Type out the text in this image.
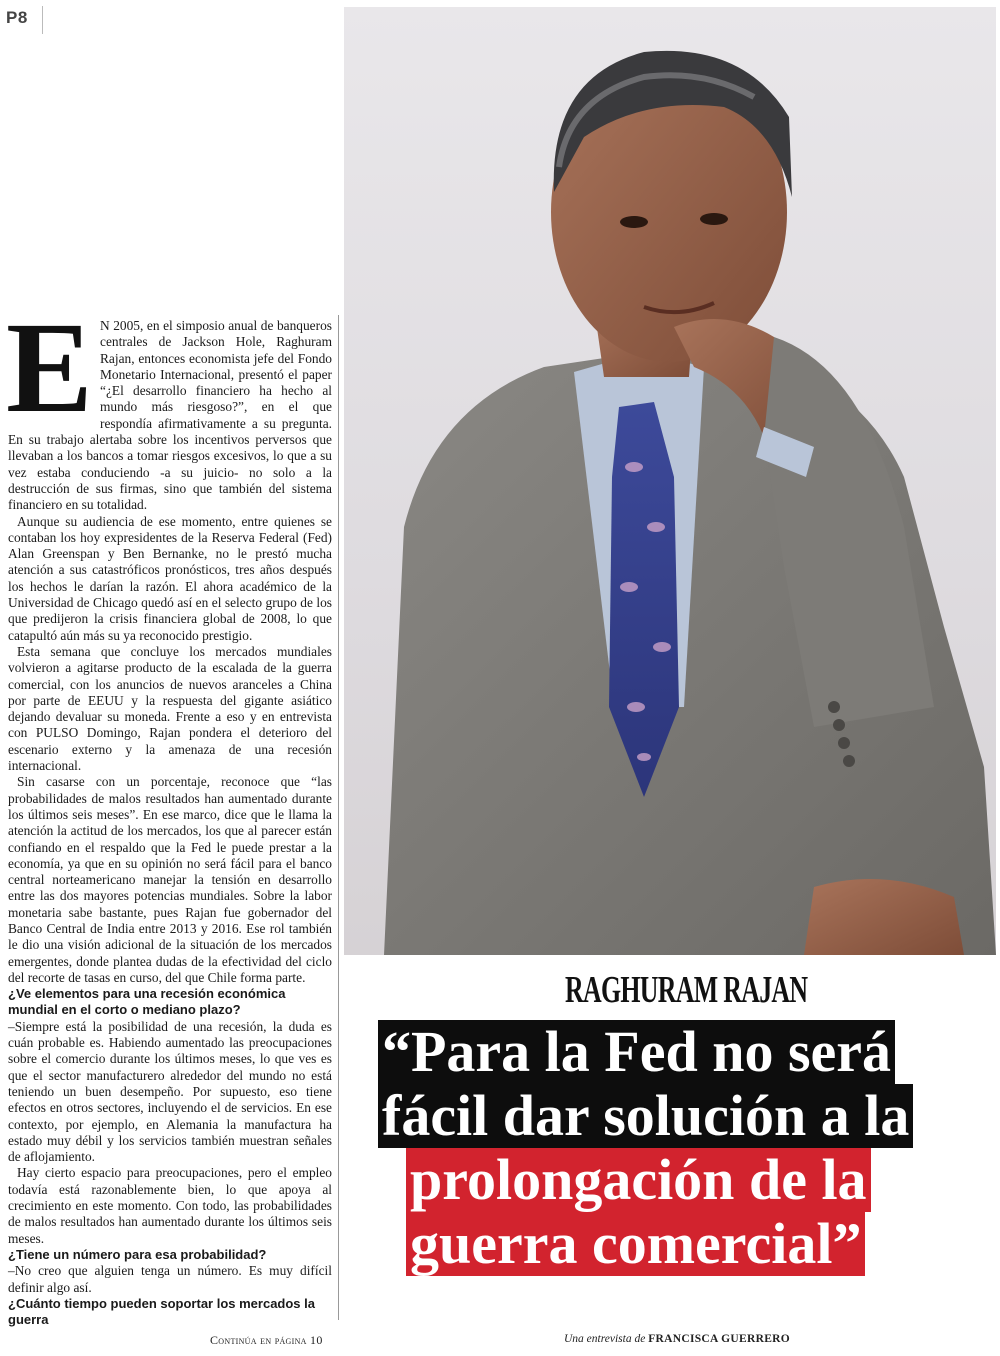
P8

E N 2005, en el simposio anual de banqueros centrales de Jackson Hole, Raghuram Rajan, entonces economista jefe del Fondo Monetario Internacional, presentó el paper “¿El desarrollo financiero ha hecho al mundo más riesgoso?”, en el que respondía afirmativamente a su pregunta. En su trabajo alertaba sobre los incentivos perversos que llevaban a los bancos a tomar riesgos excesivos, lo que a su vez estaba conduciendo -a su juicio- no solo a la destrucción de sus firmas, sino que también del sistema financiero en su totalidad.

Aunque su audiencia de ese momento, entre quienes se contaban los hoy expresidentes de la Reserva Federal (Fed) Alan Greenspan y Ben Bernanke, no le prestó mucha atención a sus catastróficos pronósticos, tres años después los hechos le darían la razón. El ahora académico de la Universidad de Chicago quedó así en el selecto grupo de los que predijeron la crisis financiera global de 2008, lo que catapultó aún más su ya reconocido prestigio.

Esta semana que concluye los mercados mundiales volvieron a agitarse producto de la escalada de la guerra comercial, con los anuncios de nuevos aranceles a China por parte de EEUU y la respuesta del gigante asiático dejando devaluar su moneda. Frente a eso y en entrevista con PULSO Domingo, Rajan pondera el deterioro del escenario externo y la amenaza de una recesión internacional.

Sin casarse con un porcentaje, reconoce que “las probabilidades de malos resultados han aumentado durante los últimos seis meses”. En ese marco, dice que le llama la atención la actitud de los mercados, los que al parecer están confiando en el respaldo que la Fed le puede prestar a la economía, ya que en su opinión no será fácil para el banco central norteamericano manejar la tensión en desarrollo entre las dos mayores potencias mundiales. Sobre la labor monetaria sabe bastante, pues Rajan fue gobernador del Banco Central de India entre 2013 y 2016. Ese rol también le dio una visión adicional de la situación de los mercados emergentes, donde plantea dudas de la efectividad del ciclo del recorte de tasas en curso, del que Chile forma parte.

¿Ve elementos para una recesión económica mundial en el corto o mediano plazo?

–Siempre está la posibilidad de una recesión, la duda es cuán probable es. Habiendo aumentado las preocupaciones sobre el comercio durante los últimos meses, lo que ves es que el sector manufacturero alrededor del mundo no está teniendo un buen desempeño. Por supuesto, eso tiene efectos en otros sectores, incluyendo el de servicios. En ese contexto, por ejemplo, en Alemania la manufactura ha estado muy débil y los servicios también muestran señales de aflojamiento.

Hay cierto espacio para preocupaciones, pero el empleo todavía está razonablemente bien, lo que apoya al crecimiento en este momento. Con todo, las probabilidades de malos resultados han aumentado durante los últimos seis meses.

¿Tiene un número para esa probabilidad?

–No creo que alguien tenga un número. Es muy difícil definir algo así.

¿Cuánto tiempo pueden soportar los mercados la guerra

Continúa en página 10
RAGHURAM RAJAN
“Para la Fed no será
fácil dar solución a la
prolongación de la
guerra comercial”
Una entrevista de FRANCISCA GUERRERO
